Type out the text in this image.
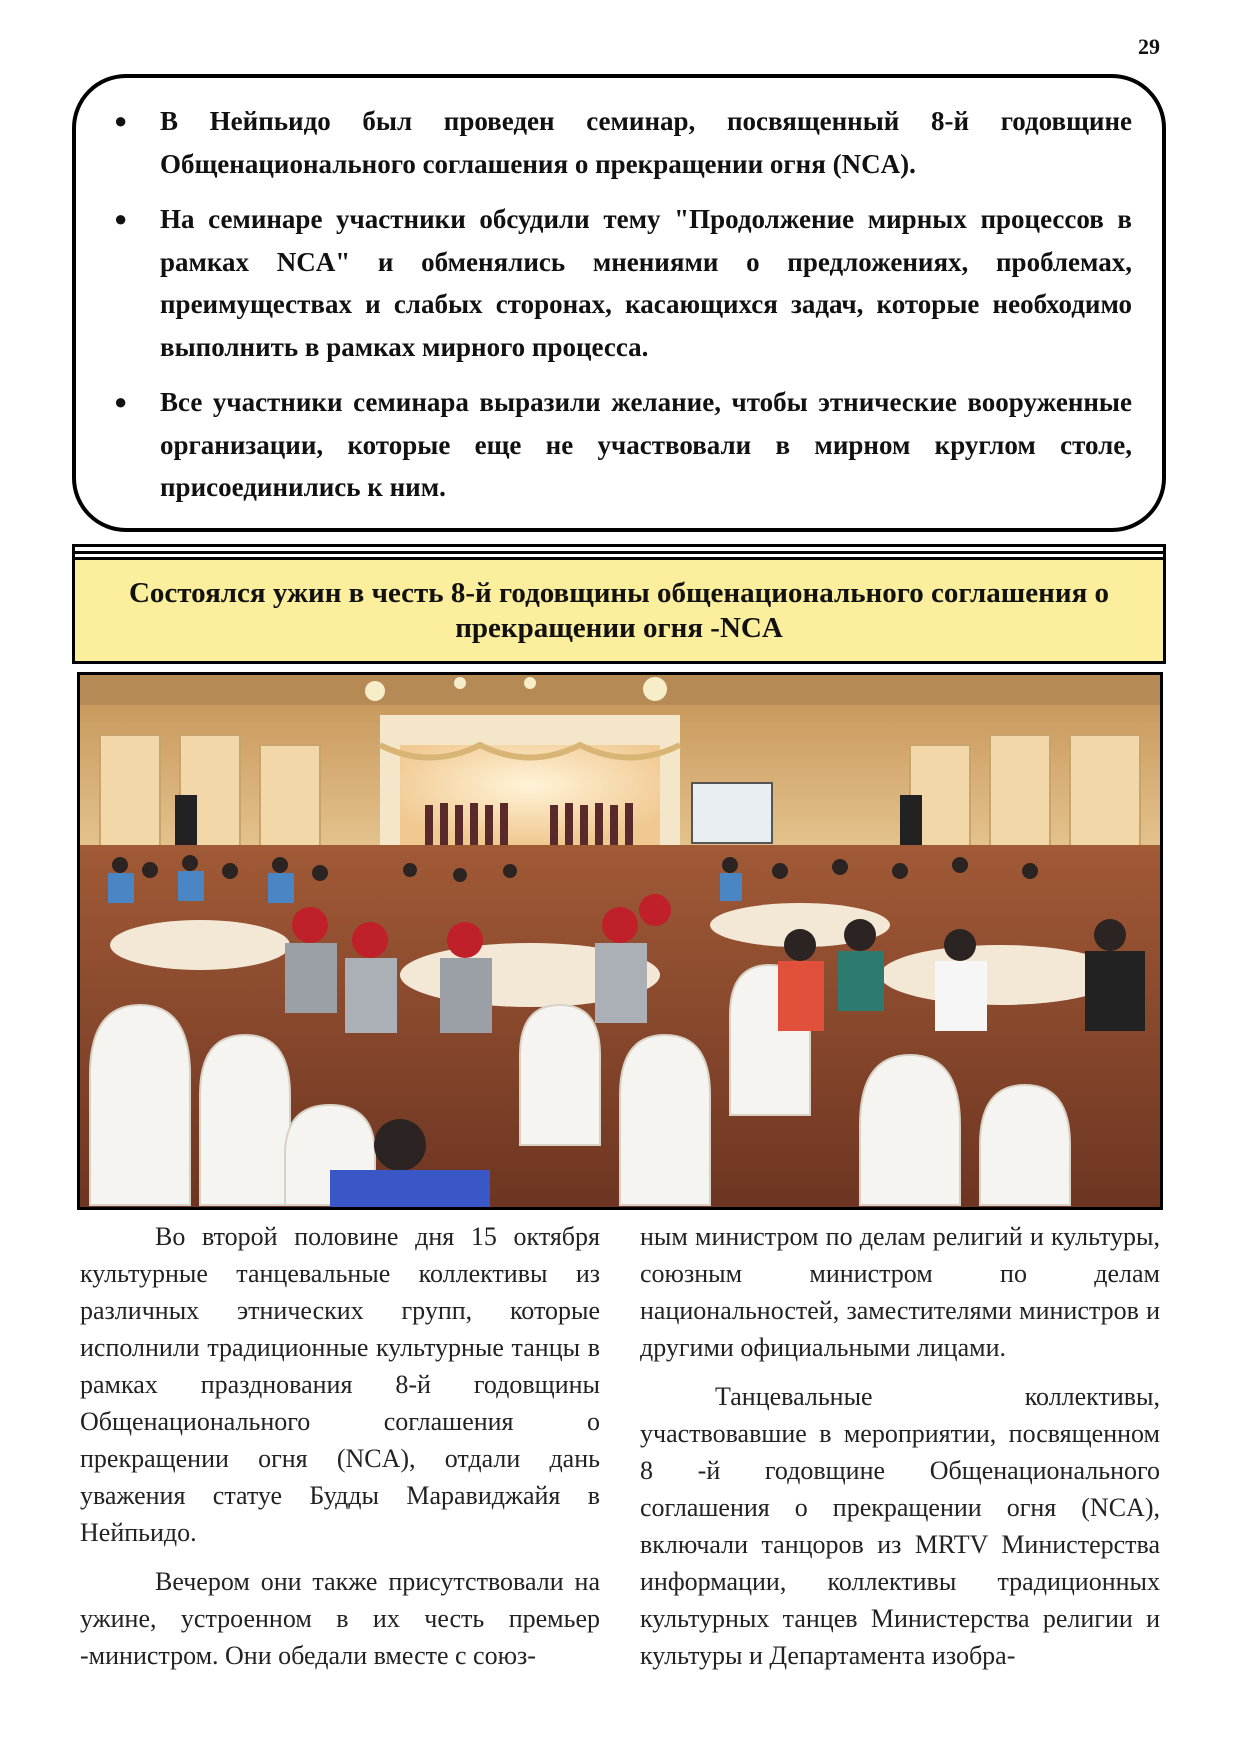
29
● В Нейпьидо был проведен семинар, посвященный 8-й годовщине Общенационального соглашения о прекращении огня (NCA).
● На семинаре участники обсудили тему "Продолжение мирных процессов в рамках NCA" и обменялись мнениями о предложениях, проблемах, преимуществах и слабых сторонах, касающихся задач, которые необходимо выполнить в рамках мирного процесса.
● Все участники семинара выразили желание, чтобы этнические вооруженные организации, которые еще не участвовали в мирном круглом столе, присоединились к ним.
Состоялся ужин в честь 8-й годовщины общенационального соглашения о прекращении огня -NCA

Во второй половине дня 15 октября культурные танцевальные коллективы из различных этнических групп, которые исполнили традиционные культурные танцы в рамках празднования 8-й годовщины Общенационального соглашения о прекращении огня (NCA), отдали дань уважения статуе Будды Маравиджайя в Нейпьидо.

Вечером они также присутствовали на ужине, устроенном в их честь премьер -министром. Они обедали вместе с союз-

ным министром по делам религий и культуры, союзным министром по делам национальностей, заместителями министров и другими официальными лицами.

Танцевальные коллективы, участвовавшие в мероприятии, посвященном 8 -й годовщине Общенационального соглашения о прекращении огня (NCA), включали танцоров из MRTV Министерства информации, коллективы традиционных культурных танцев Министерства религии и культуры и Департамента изобра-
